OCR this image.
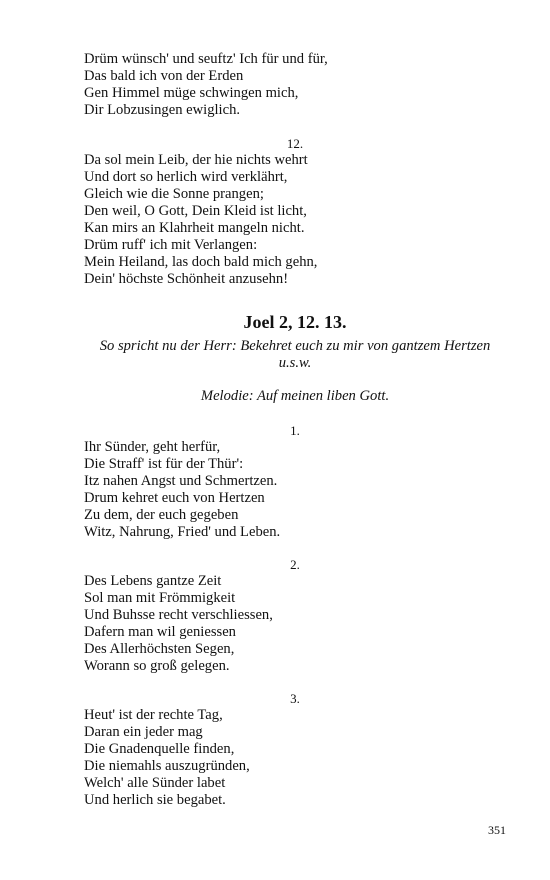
Drüm wünsch' und seuftz' Ich für und für,
Das bald ich von der Erden
Gen Himmel müge schwingen mich,
Dir Lobzusingen ewiglich.
12.
Da sol mein Leib, der hie nichts wehrt
Und dort so herlich wird verklährt,
Gleich wie die Sonne prangen;
Den weil, O Gott, Dein Kleid ist licht,
Kan mirs an Klahrheit mangeln nicht.
Drüm ruff' ich mit Verlangen:
Mein Heiland, las doch bald mich gehn,
Dein' höchste Schönheit anzusehn!
Joel 2, 12. 13.
So spricht nu der Herr: Bekehret euch zu mir von gantzem Hertzen u.s.w.
Melodie: Auf meinen liben Gott.
1.
Ihr Sünder, geht herfür,
Die Straff' ist für der Thür':
Itz nahen Angst und Schmertzen.
Drum kehret euch von Hertzen
Zu dem, der euch gegeben
Witz, Nahrung, Fried' und Leben.
2.
Des Lebens gantze Zeit
Sol man mit Frömmigkeit
Und Buhsse recht verschliessen,
Dafern man wil geniessen
Des Allerhöchsten Segen,
Worann so groß gelegen.
3.
Heut' ist der rechte Tag,
Daran ein jeder mag
Die Gnadenquelle finden,
Die niemahls auszugründen,
Welch' alle Sünder labet
Und herlich sie begabet.
351
